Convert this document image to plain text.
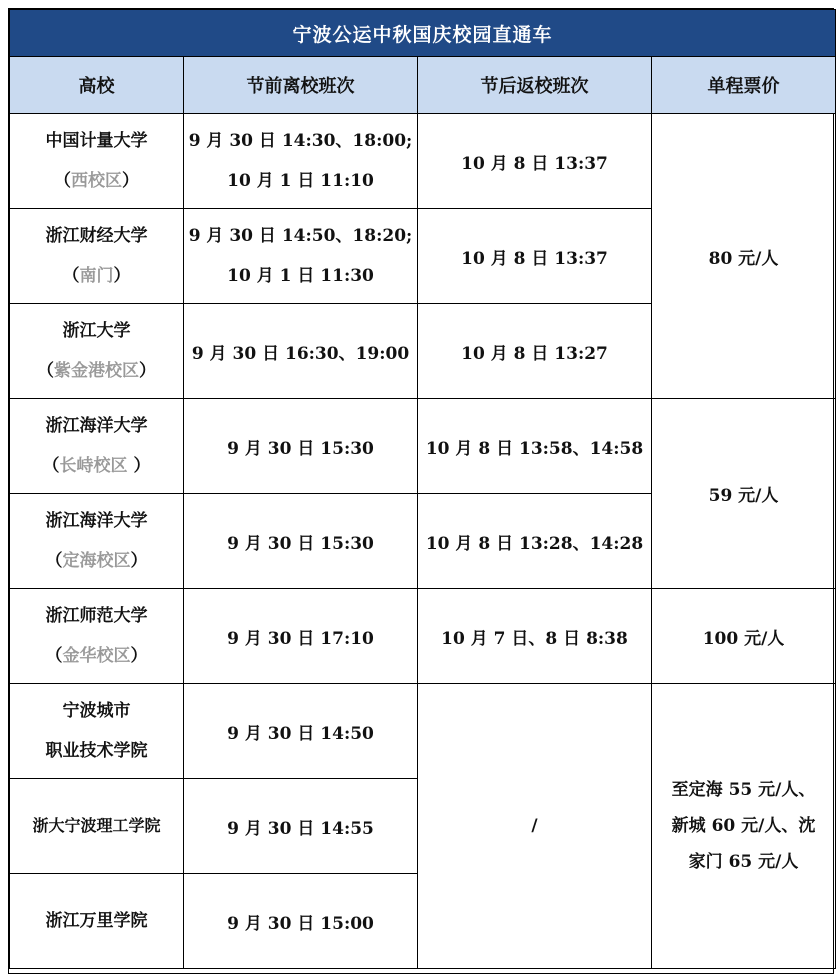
宁波公运中秋国庆校园直通车			
高校	节前离校班次	节后返校班次	单程票价

中国计量大学
（西校区）	9 月 30 日 14:30、18:00;
10 月 1 日 11:10	10 月 8 日 13:37	80 元/人

浙江财经大学
（南门）	9 月 30 日 14:50、18:20;
10 月 1 日 11:30	10 月 8 日 13:37	

浙江大学
（紫金港校区）	9 月 30 日 16:30、19:00	10 月 8 日 13:27	

浙江海洋大学
（长峙校区 ）	9 月 30 日 15:30	10 月 8 日 13:58、14:58	59 元/人

浙江海洋大学
（定海校区）	9 月 30 日 15:30	10 月 8 日 13:28、14:28	

浙江师范大学
（金华校区）	9 月 30 日 17:10	10 月 7 日、8 日 8:38	100 元/人

宁波城市
职业技术学院	9 月 30 日 14:50	/	至定海 55 元/人、
新城 60 元/人、沈
家门 65 元/人

浙大宁波理工学院	9 月 30 日 14:55		

浙江万里学院	9 月 30 日 15:00		
